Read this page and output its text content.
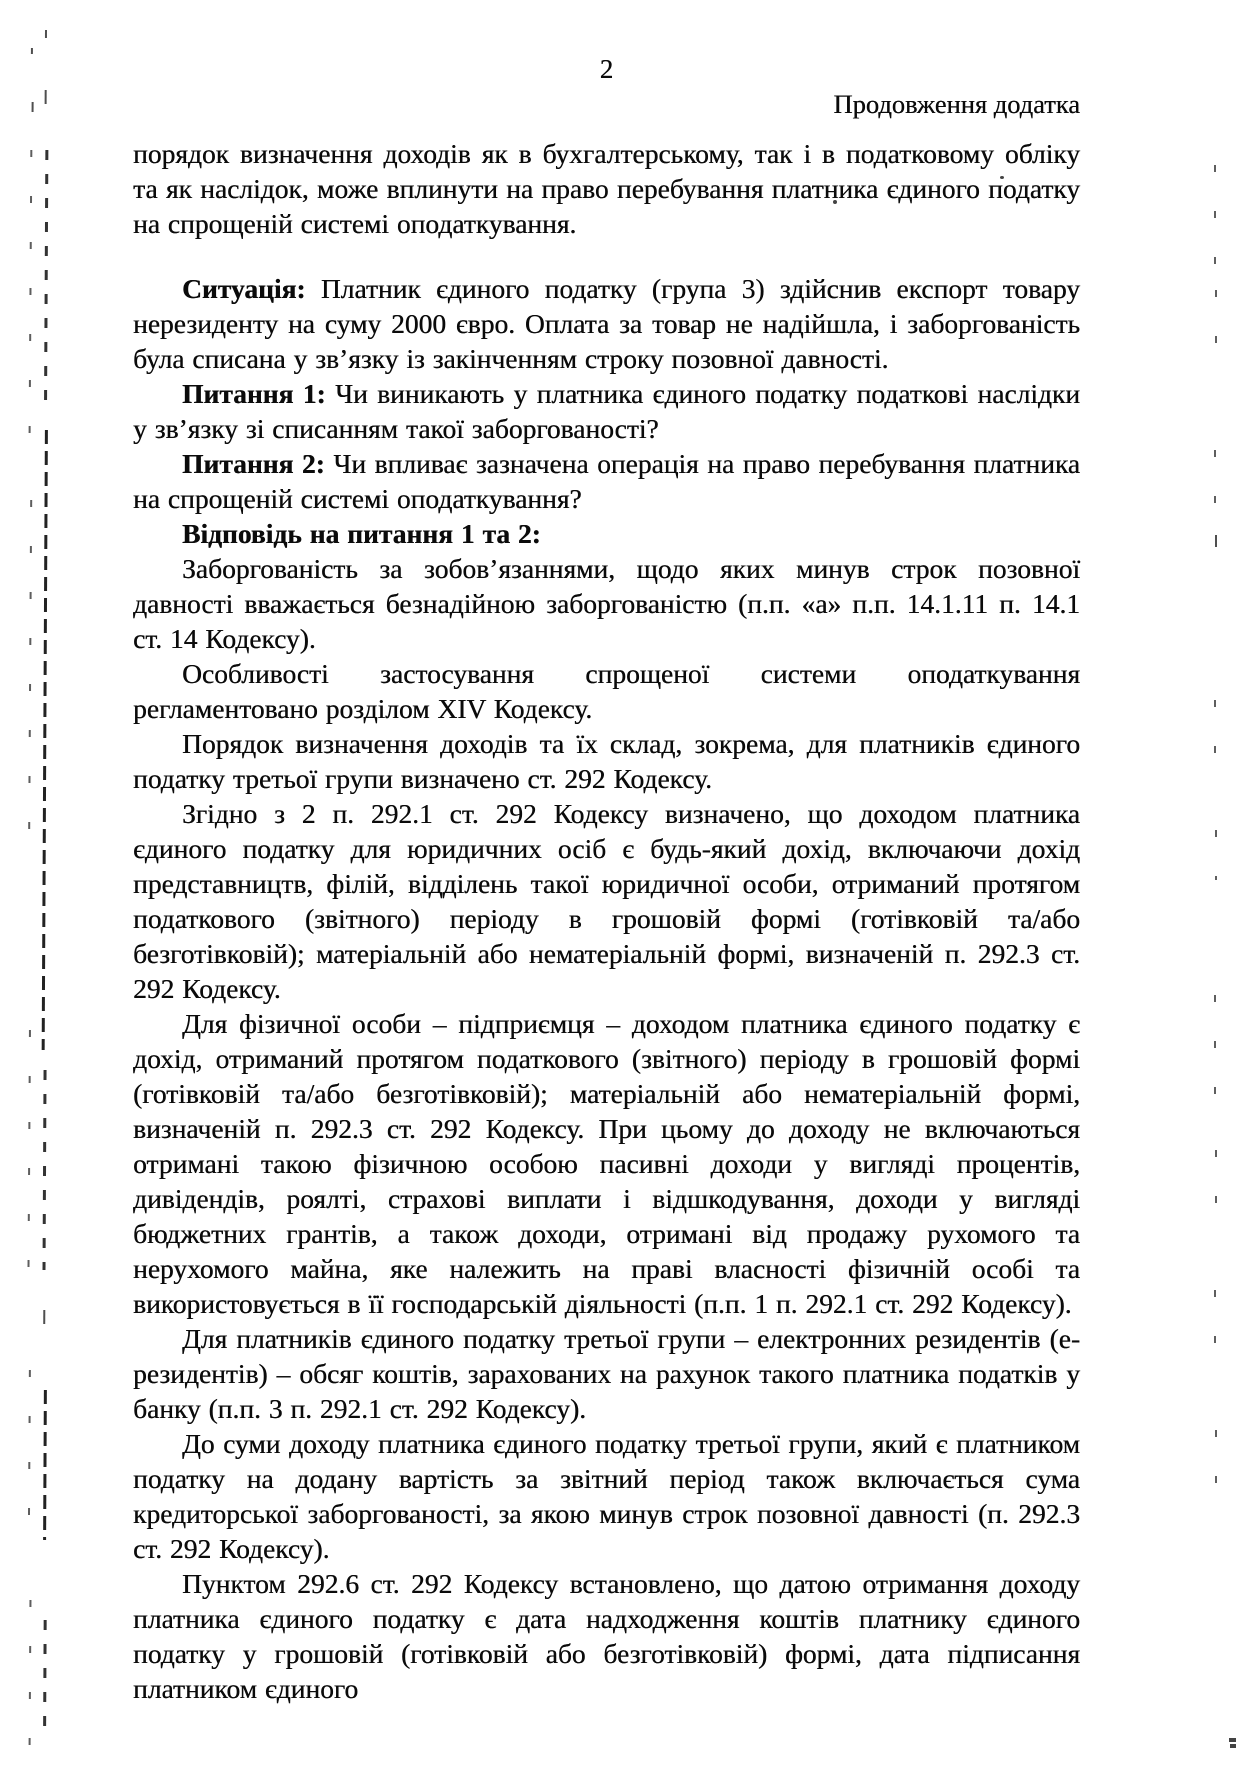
2
Продовження додатка

порядок визначення доходів як в бухгалтерському, так і в податковому обліку та як наслідок, може вплинути на право перебування платника єдиного податку на спрощеній системі оподаткування.

Ситуація: Платник єдиного податку (група 3) здійснив експорт товару нерезиденту на суму 2000 євро. Оплата за товар не надійшла, і заборгованість була списана у зв’язку із закінченням строку позовної давності.

Питання 1: Чи виникають у платника єдиного податку податкові наслідки у зв’язку зі списанням такої заборгованості?

Питання 2: Чи впливає зазначена операція на право перебування платника на спрощеній системі оподаткування?

Відповідь на питання 1 та 2:

Заборгованість за зобов’язаннями, щодо яких минув строк позовної давності вважається безнадійною заборгованістю (п.п. «а» п.п. 14.1.11 п. 14.1 ст. 14 Кодексу).

Особливості застосування спрощеної системи оподаткування регламентовано розділом XIV Кодексу.

Порядок визначення доходів та їх склад, зокрема, для платників єдиного податку третьої групи визначено ст. 292 Кодексу.

Згідно з 2 п. 292.1 ст. 292 Кодексу визначено, що доходом платника єдиного податку для юридичних осіб є будь-який дохід, включаючи дохід представництв, філій, відділень такої юридичної особи, отриманий протягом податкового (звітного) періоду в грошовій формі (готівковій та/або безготівковій); матеріальній або нематеріальній формі, визначеній п. 292.3 ст. 292 Кодексу.

Для фізичної особи – підприємця – доходом платника єдиного податку є дохід, отриманий протягом податкового (звітного) періоду в грошовій формі (готівковій та/або безготівковій); матеріальній або нематеріальній формі, визначеній п. 292.3 ст. 292 Кодексу. При цьому до доходу не включаються отримані такою фізичною особою пасивні доходи у вигляді процентів, дивідендів, роялті, страхові виплати і відшкодування, доходи у вигляді бюджетних грантів, а також доходи, отримані від продажу рухомого та нерухомого майна, яке належить на праві власності фізичній особі та використовується в її господарській діяльності (п.п. 1 п. 292.1 ст. 292 Кодексу).

Для платників єдиного податку третьої групи – електронних резидентів (е-резидентів) – обсяг коштів, зарахованих на рахунок такого платника податків у банку (п.п. 3 п. 292.1 ст. 292 Кодексу).

До суми доходу платника єдиного податку третьої групи, який є платником податку на додану вартість за звітний період також включається сума кредиторської заборгованості, за якою минув строк позовної давності (п. 292.3 ст. 292 Кодексу).

Пунктом 292.6 ст. 292 Кодексу встановлено, що датою отримання доходу платника єдиного податку є дата надходження коштів платнику єдиного податку у грошовій (готівковій або безготівковій) формі, дата підписання платником єдиного
